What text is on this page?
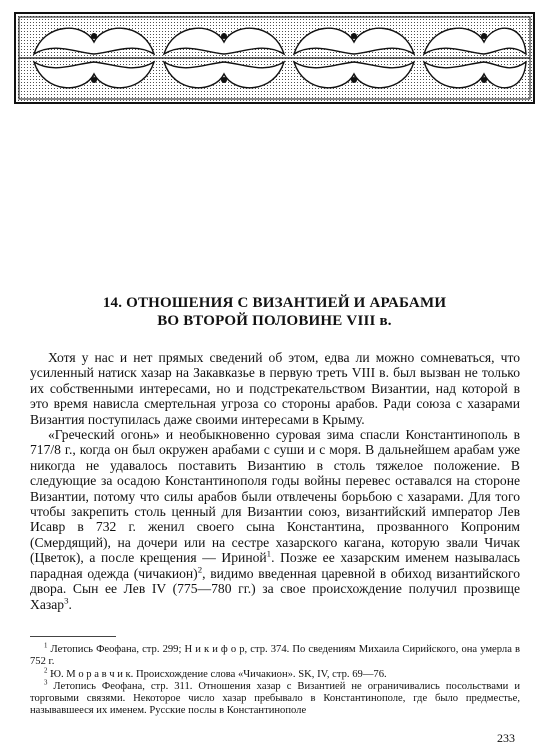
14. ОТНОШЕНИЯ С ВИЗАНТИЕЙ И АРАБАМИ
ВО ВТОРОЙ ПОЛОВИНЕ VIII в.

Хотя у нас и нет прямых сведений об этом, едва ли можно сомневаться, что усиленный натиск хазар на Закавказье в первую треть VIII в. был вызван не только их собственными интересами, но и подстрекательством Византии, над которой в это время нависла смертельная угроза со стороны арабов. Ради союза с хазарами Византия поступилась даже своими интересами в Крыму.

«Греческий огонь» и необыкновенно суровая зима спасли Константинополь в 717/8 г., когда он был окружен арабами с суши и с моря. В дальнейшем арабам уже никогда не удавалось поставить Византию в столь тяжелое положение. В следующие за осадою Константинополя годы войны перевес оставался на стороне Византии, потому что силы арабов были отвлечены борьбою с хазарами. Для того чтобы закрепить столь ценный для Византии союз, византийский император Лев Исавр в 732 г. женил своего сына Константина, прозванного Копроним (Смердящий), на дочери или на сестре хазарского кагана, которую звали Чичак (Цветок), а после крещения — Ириной$^1$. Позже ее хазарским именем называлась парадная одежда (чичакион)$^2$, видимо введенная царевной в обиход византийского двора. Сын ее Лев IV (775—780 гг.) за свое происхождение получил прозвище Хазар$^3$.

$^1$ Летопись Феофана, стр. 299; Н и к и ф о р, стр. 374. По сведениям Михаила Сирийского, она умерла в 752 г.

$^2$ Ю. М о р а в ч и к. Происхождение слова «Чичакион». SK, IV, стр. 69—76.

$^3$ Летопись Феофана, стр. 311. Отношения хазар с Византией не ограничивались посольствами и торговыми связями. Некоторое число хазар пребывало в Константинополе, где было предместье, называвшееся их именем. Русские послы в Константинополе

233
